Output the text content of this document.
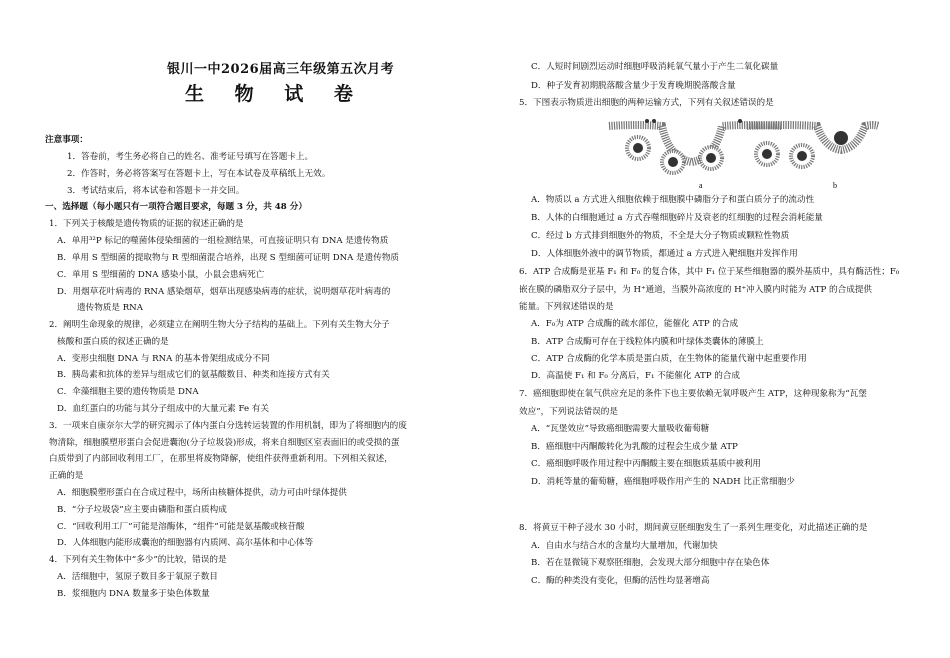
银川一中2026届高三年级第五次月考
生 物 试 卷
注意事项：
1．答卷前，考生务必将自己的姓名、准考证号填写在答题卡上。
2．作答时，务必将答案写在答题卡上，写在本试卷及草稿纸上无效。
3．考试结束后，将本试卷和答题卡一并交回。
一、选择题（每小题只有一项符合题目要求，每题 3 分，共 48 分）
1．下列关于核酸是遗传物质的证据的叙述正确的是
A．单用³²P 标记的噬菌体侵染细菌的一组检测结果，可直接证明只有 DNA 是遗传物质
B．单用 S 型细菌的提取物与 R 型细菌混合培养，出现 S 型细菌可证明 DNA 是遗传物质
C．单用 S 型细菌的 DNA 感染小鼠，小鼠会患病死亡
D．用烟草花叶病毒的 RNA 感染烟草，烟草出现感染病毒的症状，说明烟草花叶病毒的
遗传物质是 RNA
2．阐明生命现象的规律，必须建立在阐明生物大分子结构的基础上。下列有关生物大分子
核酸和蛋白质的叙述正确的是
A．变形虫细胞 DNA 与 RNA 的基本骨架组成成分不同
B．胰岛素和抗体的差异与组成它们的氨基酸数目、种类和连接方式有关
C．伞藻细胞主要的遗传物质是 DNA
D．血红蛋白的功能与其分子组成中的大量元素 Fe 有关
3．一项来自康奈尔大学的研究揭示了体内蛋白分选转运装置的作用机制，即为了将细胞内的废
物清除，细胞膜塑形蛋白会促进囊泡(分子垃圾袋)形成，将来自细胞区室表面旧的或受损的蛋
白质带到了内部回收利用工厂，在那里将废物降解，使组件获得重新利用。下列相关叙述，
正确的是
A．细胞膜塑形蛋白在合成过程中，场所由核糖体提供，动力可由叶绿体提供
B．“分子垃圾袋”应主要由磷脂和蛋白质构成
C．“回收利用工厂”可能是溶酶体，“组件”可能是氨基酸或核苷酸
D．人体细胞内能形成囊泡的细胞器有内质网、高尔基体和中心体等
4．下列有关生物体中“多少”的比较，错误的是
A．活细胞中，氢原子数目多于氧原子数目
B．浆细胞内 DNA 数量多于染色体数量
C．人短时间剧烈运动时细胞呼吸消耗氧气量小于产生二氧化碳量
D．种子发育初期脱落酸含量少于发育晚期脱落酸含量
5．下图表示物质进出细胞的两种运输方式，下列有关叙述错误的是
A．物质以 a 方式进入细胞依赖于细胞膜中磷脂分子和蛋白质分子的流动性
B．人体的白细胞通过 a 方式吞噬细胞碎片及衰老的红细胞的过程会消耗能量
C．经过 b 方式排到细胞外的物质，不全是大分子物质或颗粒性物质
D．人体细胞外液中的调节物质，都通过 a 方式进入靶细胞并发挥作用
6．ATP 合成酶是亚基 F₁ 和 F₀ 的复合体，其中 F₁ 位于某些细胞器的膜外基质中，具有酶活性；F₀
嵌在膜的磷脂双分子层中，为 H⁺通道，当膜外高浓度的 H⁺冲入膜内时能为 ATP 的合成提供
能量。下列叙述错误的是
A．F₀为 ATP 合成酶的疏水部位，能催化 ATP 的合成
B．ATP 合成酶可存在于线粒体内膜和叶绿体类囊体的薄膜上
C．ATP 合成酶的化学本质是蛋白质，在生物体的能量代谢中起重要作用
D．高温使 F₁ 和 F₀ 分离后，F₁ 不能催化 ATP 的合成
7．癌细胞即使在氧气供应充足的条件下也主要依赖无氧呼吸产生 ATP，这种现象称为“瓦堡
效应”，下列说法错误的是
A．“瓦堡效应”导致癌细胞需要大量吸收葡萄糖
B．癌细胞中丙酮酸转化为乳酸的过程会生成少量 ATP
C．癌细胞呼吸作用过程中丙酮酸主要在细胞质基质中被利用
D．消耗等量的葡萄糖，癌细胞呼吸作用产生的 NADH 比正常细胞少
8．将黄豆干种子浸水 30 小时，期间黄豆胚细胞发生了一系列生理变化，对此描述正确的是
A．自由水与结合水的含量均大量增加，代谢加快
B．若在显微镜下观察胚细胞，会发现大部分细胞中存在染色体
C．酶的种类没有变化，但酶的活性均显著增高
a	b
